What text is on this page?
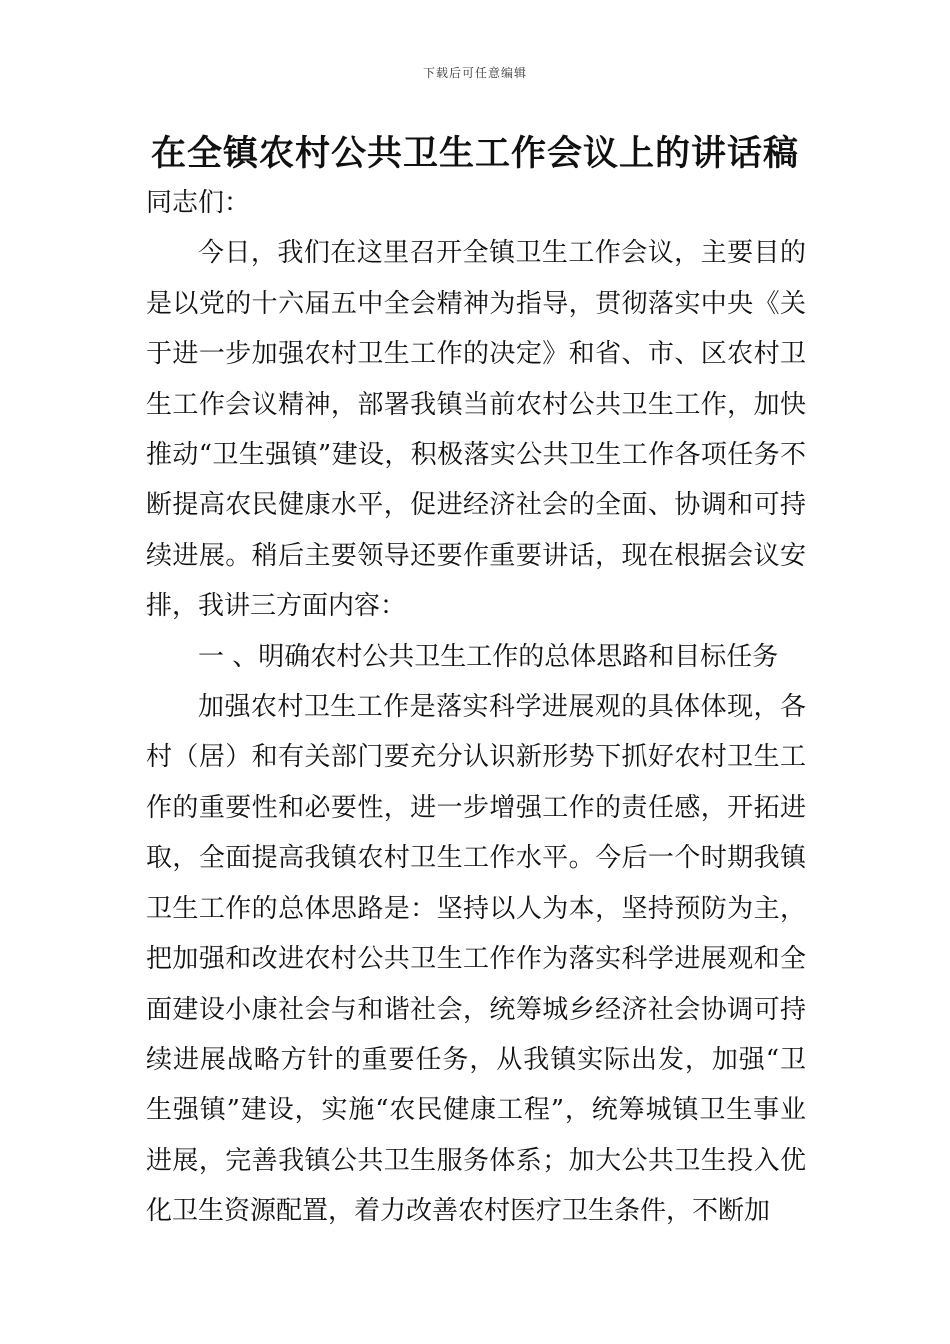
下载后可任意编辑
在全镇农村公共卫生工作会议上的讲话稿

同志们：

今日，我们在这里召开全镇卫生工作会议，主要目的是以党的十六届五中全会精神为指导，贯彻落实中央《关于进一步加强农村卫生工作的决定》和省、市、区农村卫生工作会议精神，部署我镇当前农村公共卫生工作，加快推动“卫生强镇”建设，积极落实公共卫生工作各项任务不断提高农民健康水平，促进经济社会的全面、协调和可持续进展。稍后主要领导还要作重要讲话，现在根据会议安排，我讲三方面内容：

一 、明确农村公共卫生工作的总体思路和目标任务

加强农村卫生工作是落实科学进展观的具体体现，各村（居）和有关部门要充分认识新形势下抓好农村卫生工作的重要性和必要性，进一步增强工作的责任感，开拓进取，全面提高我镇农村卫生工作水平。今后一个时期我镇卫生工作的总体思路是：坚持以人为本，坚持预防为主，把加强和改进农村公共卫生工作作为落实科学进展观和全面建设小康社会与和谐社会，统筹城乡经济社会协调可持续进展战略方针的重要任务，从我镇实际出发，加强“卫生强镇”建设，实施“农民健康工程”，统筹城镇卫生事业进展，完善我镇公共卫生服务体系；加大公共卫生投入优化卫生资源配置，着力改善农村医疗卫生条件，不断加
